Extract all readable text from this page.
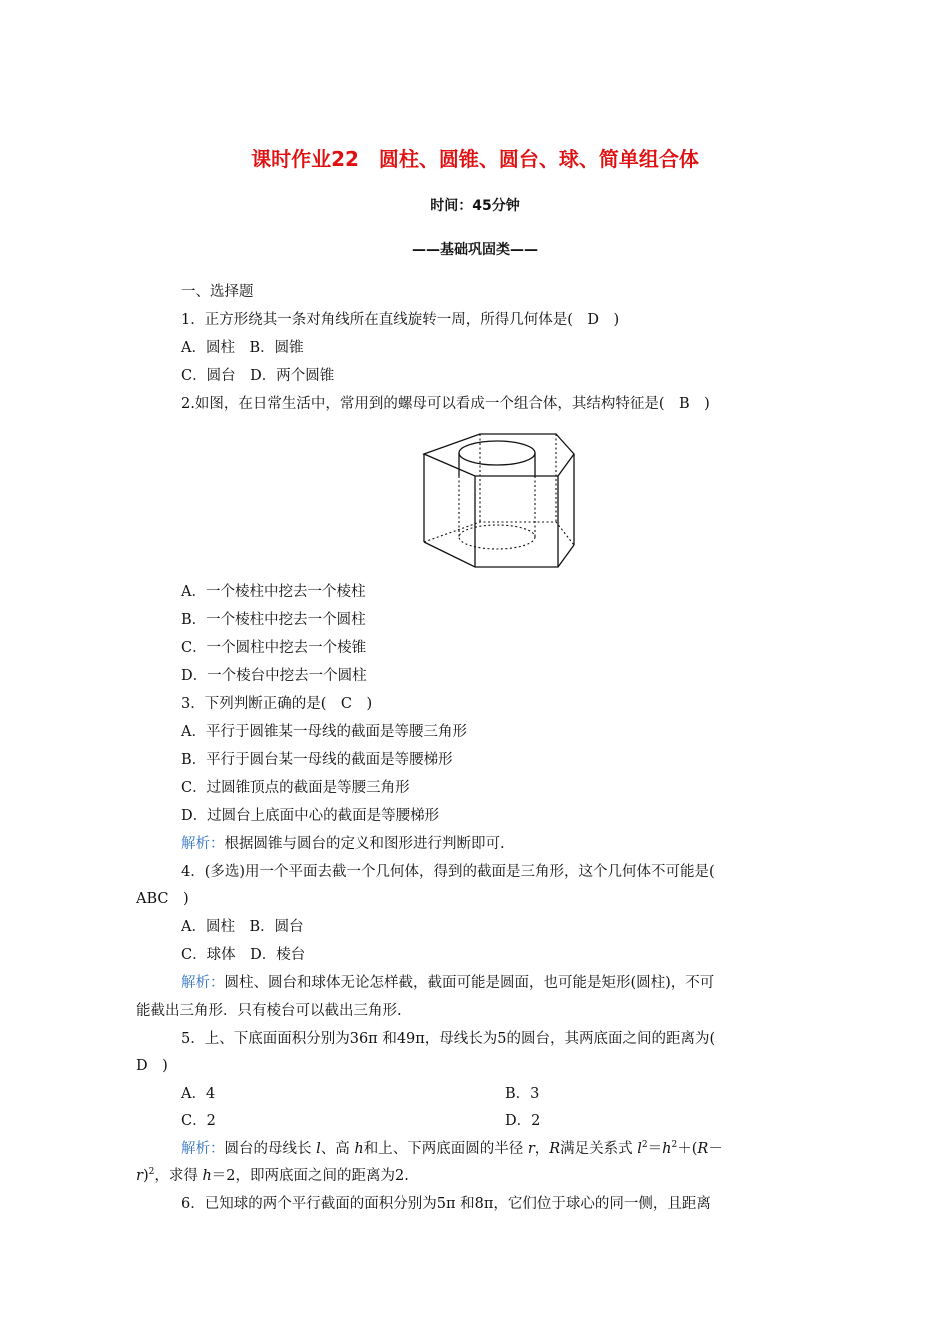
课时作业22　圆柱、圆锥、圆台、球、简单组合体
时间：45分钟
——基础巩固类——
一、选择题
1．正方形绕其一条对角线所在直线旋转一周，所得几何体是(　D　)
A．圆柱　B．圆锥
C．圆台　D．两个圆锥
2.如图，在日常生活中，常用到的螺母可以看成一个组合体，其结构特征是(　B　)
A．一个棱柱中挖去一个棱柱
B．一个棱柱中挖去一个圆柱
C．一个圆柱中挖去一个棱锥
D．一个棱台中挖去一个圆柱
3．下列判断正确的是(　C　)
A．平行于圆锥某一母线的截面是等腰三角形
B．平行于圆台某一母线的截面是等腰梯形
C．过圆锥顶点的截面是等腰三角形
D．过圆台上底面中心的截面是等腰梯形
解析：根据圆锥与圆台的定义和图形进行判断即可.
4．(多选)用一个平面去截一个几何体，得到的截面是三角形，这个几何体不可能是(
ABC　)
A．圆柱　B．圆台
C．球体　D．棱台
解析：圆柱、圆台和球体无论怎样截，截面可能是圆面，也可能是矩形(圆柱)，不可
能截出三角形．只有棱台可以截出三角形.
5．上、下底面面积分别为36π 和49π，母线长为5的圆台，其两底面之间的距离为(
D　)
A．4	B．3
C．2	D．2
解析：圆台的母线长 l、高 h和上、下两底面圆的半径 r，R满足关系式 $l^2=h^2+(R-$
r)$^2$，求得 h＝2，即两底面之间的距离为2.
6．已知球的两个平行截面的面积分别为5π 和8π，它们位于球心的同一侧，且距离
